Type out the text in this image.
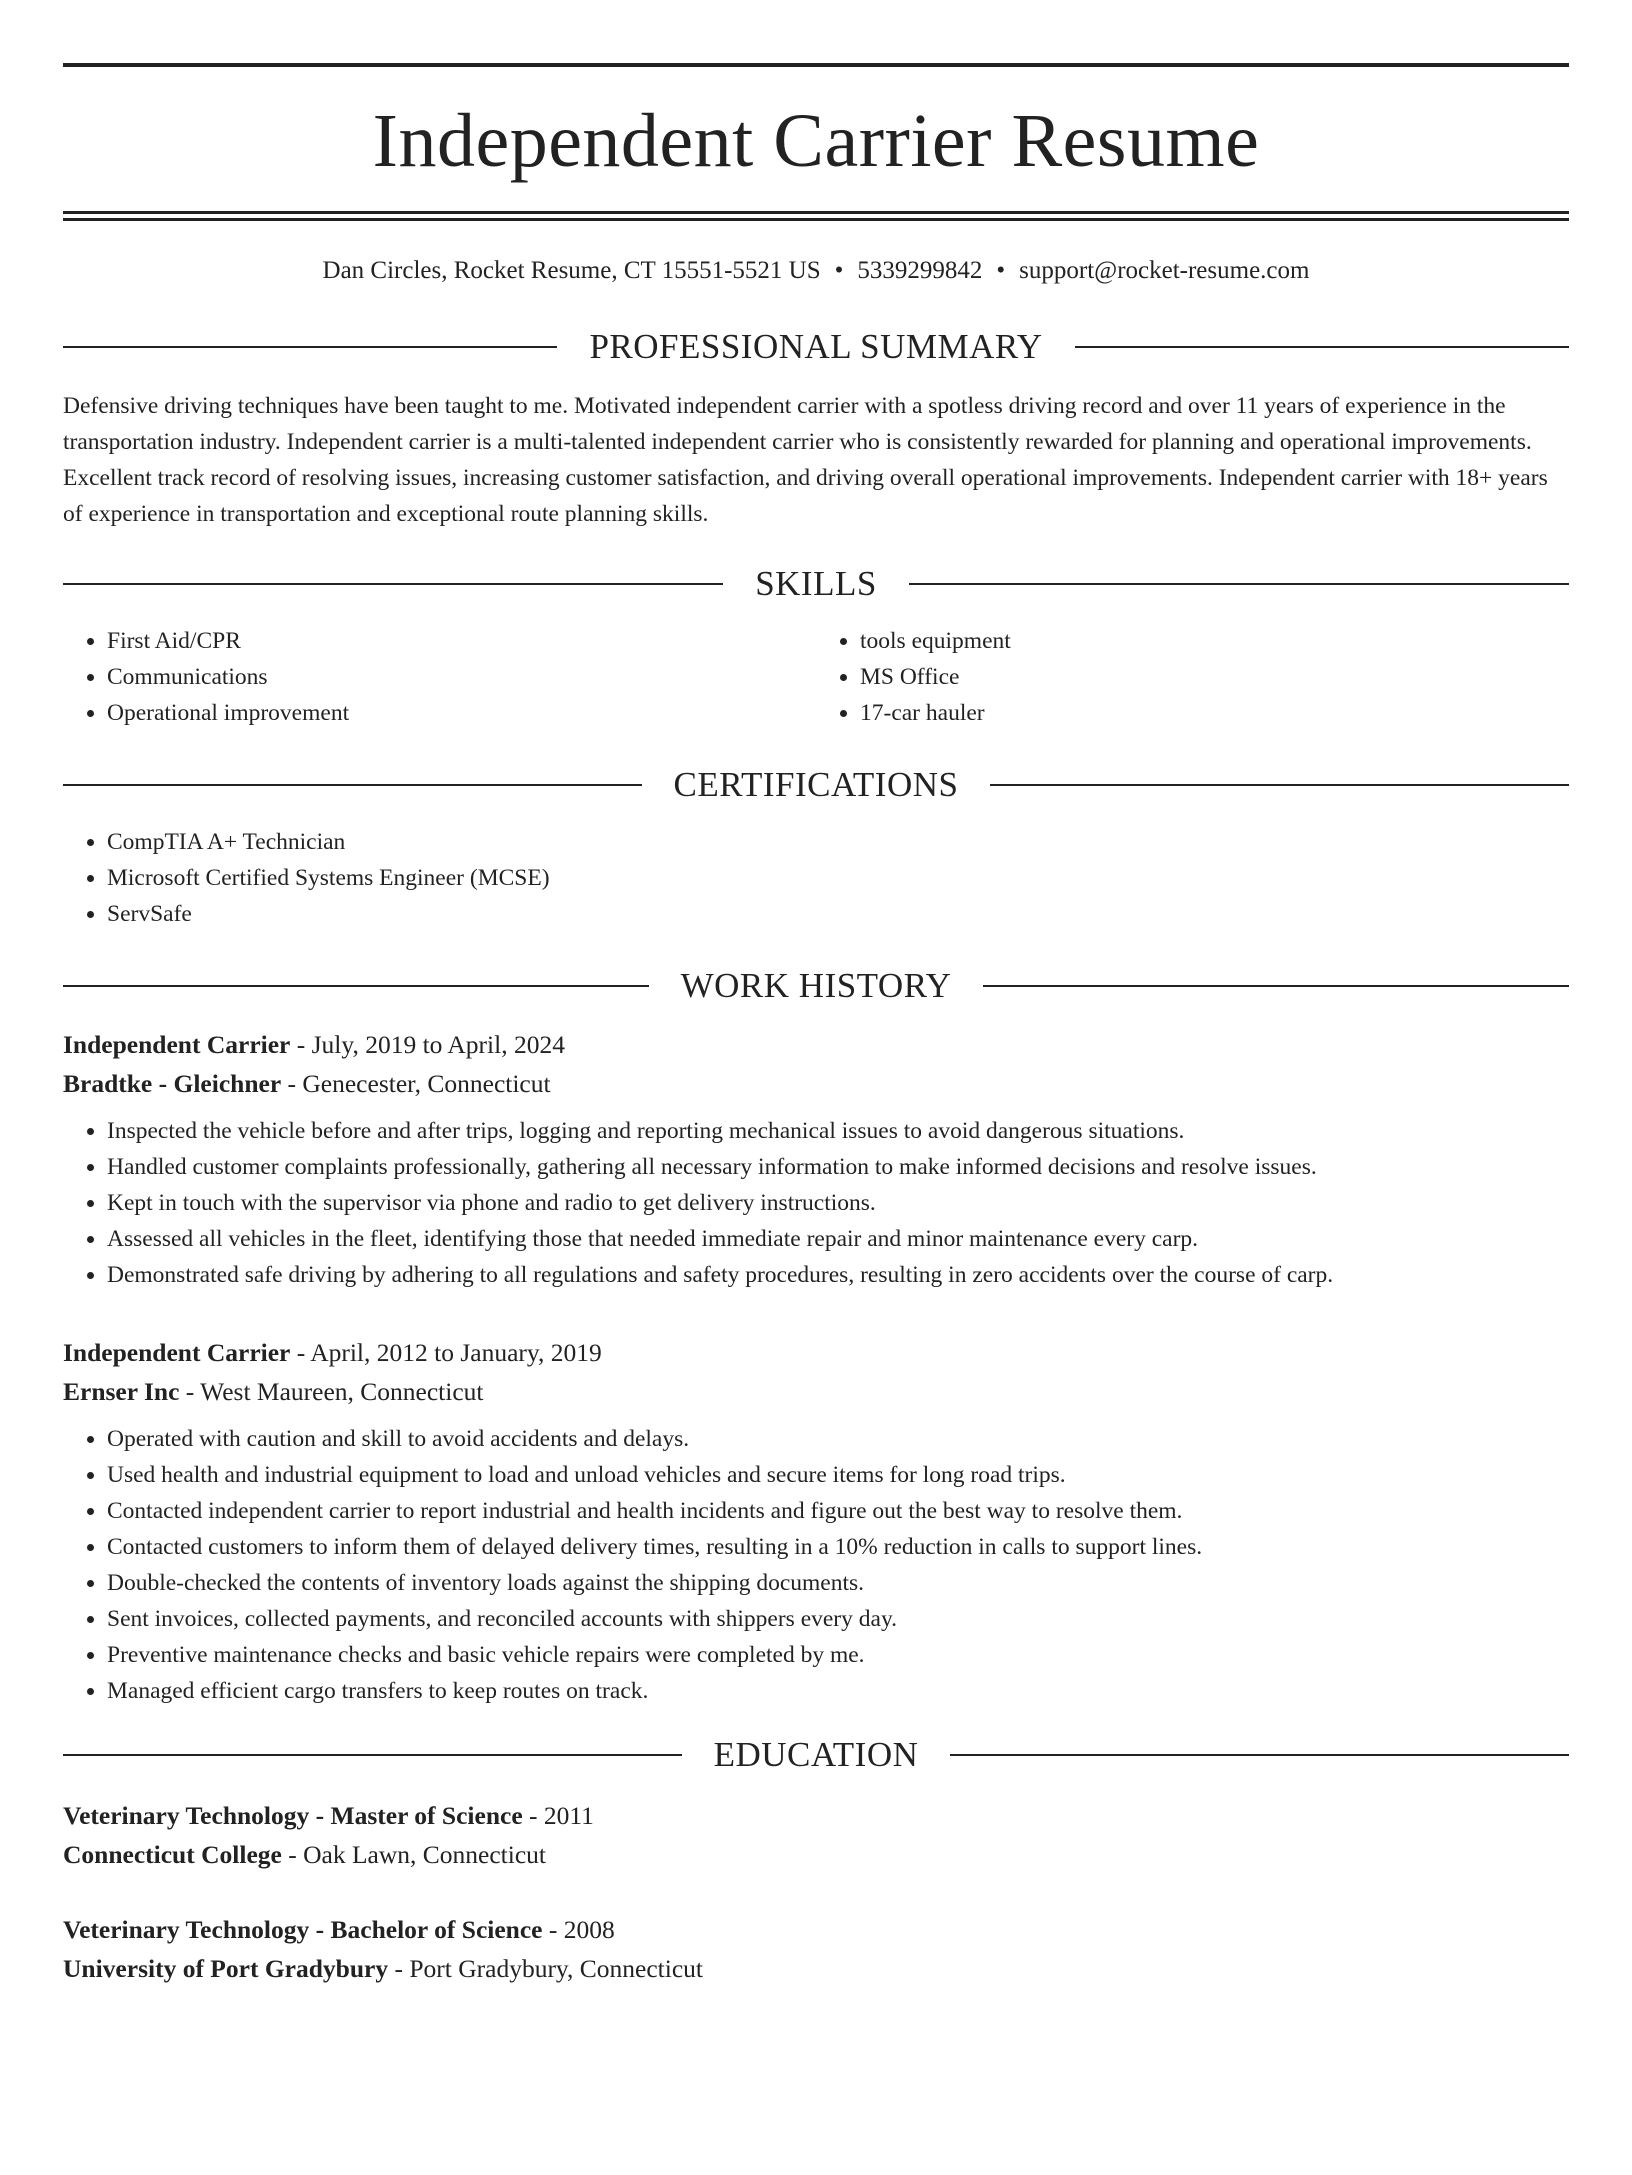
Independent Carrier Resume
Dan Circles, Rocket Resume, CT 15551-5521 US • 5339299842 • support@rocket-resume.com
PROFESSIONAL SUMMARY
Defensive driving techniques have been taught to me. Motivated independent carrier with a spotless driving record and over 11 years of experience in the transportation industry. Independent carrier is a multi-talented independent carrier who is consistently rewarded for planning and operational improvements. Excellent track record of resolving issues, increasing customer satisfaction, and driving overall operational improvements. Independent carrier with 18+ years of experience in transportation and exceptional route planning skills.
SKILLS
• First Aid/CPR
• Communications
• Operational improvement
• tools equipment
• MS Office
• 17-car hauler
CERTIFICATIONS
• CompTIA A+ Technician
• Microsoft Certified Systems Engineer (MCSE)
• ServSafe
WORK HISTORY
Independent Carrier - July, 2019 to April, 2024
Bradtke - Gleichner - Genecester, Connecticut
• Inspected the vehicle before and after trips, logging and reporting mechanical issues to avoid dangerous situations.
• Handled customer complaints professionally, gathering all necessary information to make informed decisions and resolve issues.
• Kept in touch with the supervisor via phone and radio to get delivery instructions.
• Assessed all vehicles in the fleet, identifying those that needed immediate repair and minor maintenance every carp.
• Demonstrated safe driving by adhering to all regulations and safety procedures, resulting in zero accidents over the course of carp.
Independent Carrier - April, 2012 to January, 2019
Ernser Inc - West Maureen, Connecticut
• Operated with caution and skill to avoid accidents and delays.
• Used health and industrial equipment to load and unload vehicles and secure items for long road trips.
• Contacted independent carrier to report industrial and health incidents and figure out the best way to resolve them.
• Contacted customers to inform them of delayed delivery times, resulting in a 10% reduction in calls to support lines.
• Double-checked the contents of inventory loads against the shipping documents.
• Sent invoices, collected payments, and reconciled accounts with shippers every day.
• Preventive maintenance checks and basic vehicle repairs were completed by me.
• Managed efficient cargo transfers to keep routes on track.
EDUCATION
Veterinary Technology - Master of Science - 2011
Connecticut College - Oak Lawn, Connecticut
Veterinary Technology - Bachelor of Science - 2008
University of Port Gradybury - Port Gradybury, Connecticut
